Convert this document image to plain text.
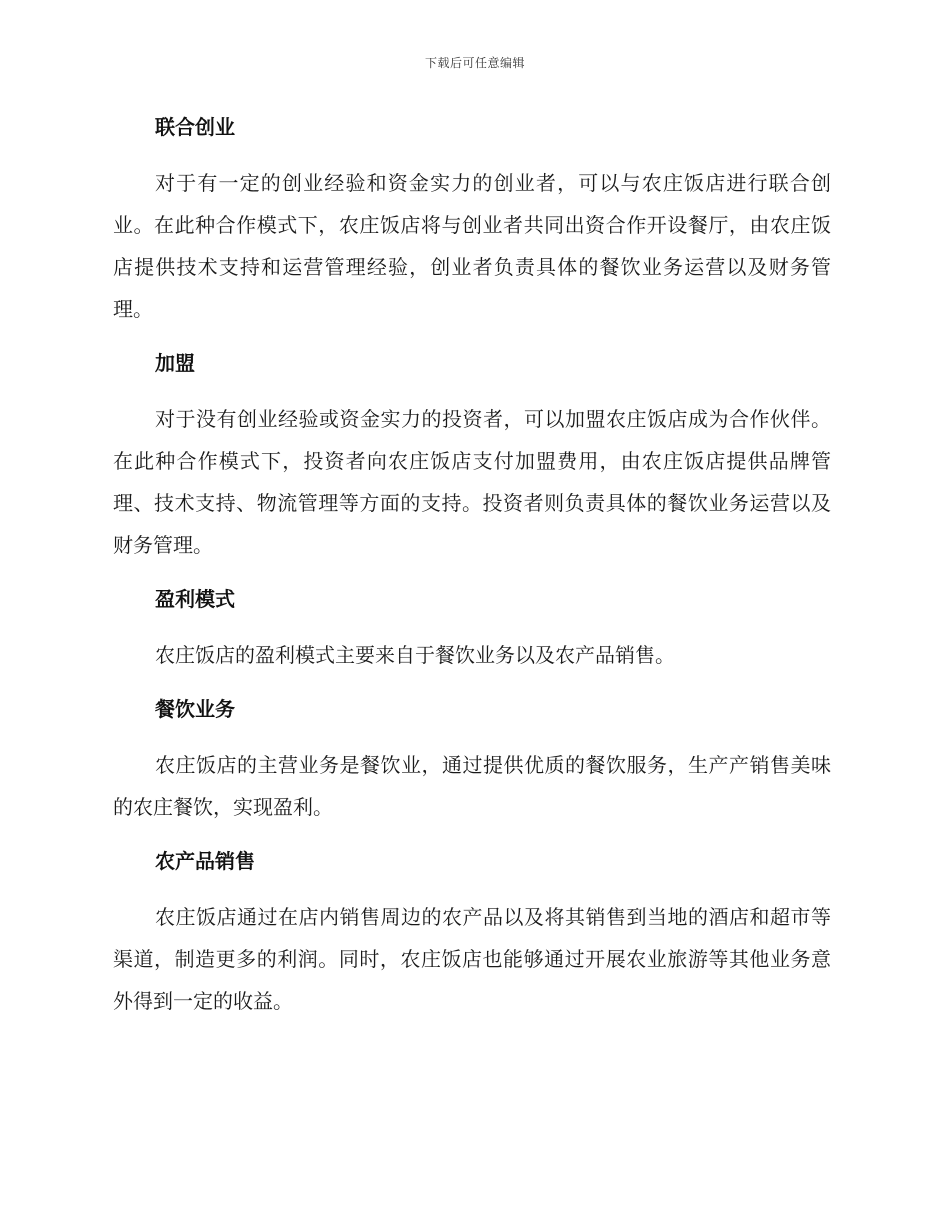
下载后可任意编辑
联合创业

对于有一定的创业经验和资金实力的创业者，可以与农庄饭店进行联合创业。在此种合作模式下，农庄饭店将与创业者共同出资合作开设餐厅，由农庄饭店提供技术支持和运营管理经验，创业者负责具体的餐饮业务运营以及财务管理。

加盟

对于没有创业经验或资金实力的投资者，可以加盟农庄饭店成为合作伙伴。在此种合作模式下，投资者向农庄饭店支付加盟费用，由农庄饭店提供品牌管理、技术支持、物流管理等方面的支持。投资者则负责具体的餐饮业务运营以及财务管理。

盈利模式

农庄饭店的盈利模式主要来自于餐饮业务以及农产品销售。

餐饮业务

农庄饭店的主营业务是餐饮业，通过提供优质的餐饮服务，生产产销售美味的农庄餐饮，实现盈利。

农产品销售

农庄饭店通过在店内销售周边的农产品以及将其销售到当地的酒店和超市等渠道，制造更多的利润。同时，农庄饭店也能够通过开展农业旅游等其他业务意外得到一定的收益。
